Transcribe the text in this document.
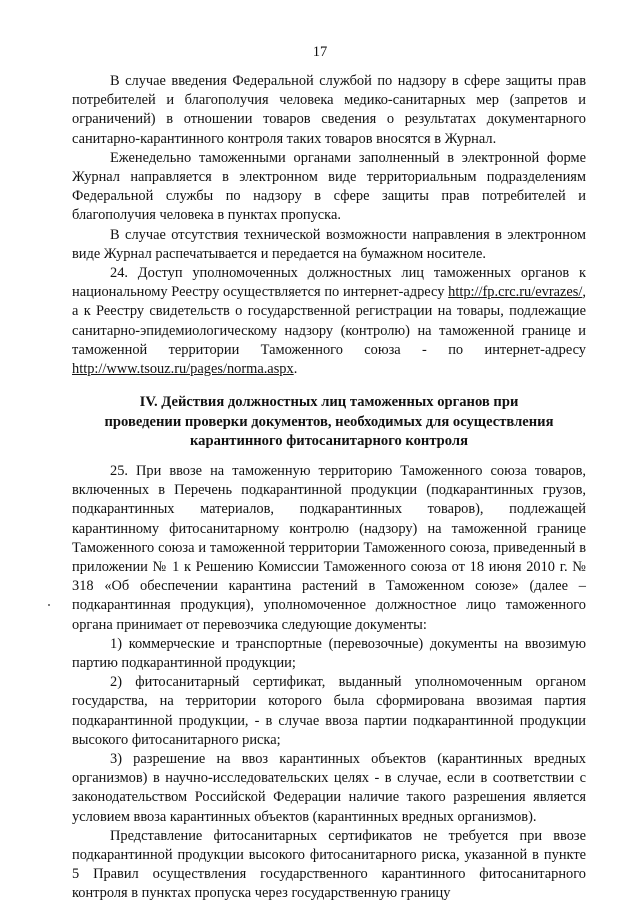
17

В случае введения Федеральной службой по надзору в сфере защиты прав потребителей и благополучия человека медико-санитарных мер (запретов и ограничений) в отношении товаров сведения о результатах документарного санитарно-карантинного контроля таких товаров вносятся в Журнал.

Еженедельно таможенными органами заполненный в электронной форме Журнал направляется в электронном виде территориальным подразделениям Федеральной службы по надзору в сфере защиты прав потребителей и благополучия человека в пунктах пропуска.

В случае отсутствия технической возможности направления в электронном виде Журнал распечатывается и передается на бумажном носителе.

24. Доступ уполномоченных должностных лиц таможенных органов к национальному Реестру осуществляется по интернет-адресу http://fp.crc.ru/evrazes/, а к Реестру свидетельств о государственной регистрации на товары, подлежащие санитарно-эпидемиологическому надзору (контролю) на таможенной границе и таможенной территории Таможенного союза - по интернет-адресу http://www.tsouz.ru/pages/norma.aspx.

IV. Действия должностных лиц таможенных органов при
проведении проверки документов, необходимых для осуществления
карантинного фитосанитарного контроля

25. При ввозе на таможенную территорию Таможенного союза товаров, включенных в Перечень подкарантинной продукции (подкарантинных грузов, подкарантинных материалов, подкарантинных товаров), подлежащей карантинному фитосанитарному контролю (надзору) на таможенной границе Таможенного союза и таможенной территории Таможенного союза, приведенный в приложении № 1 к Решению Комиссии Таможенного союза от 18 июня 2010 г. № 318 «Об обеспечении карантина растений в Таможенном союзе» (далее – подкарантинная продукция), уполномоченное должностное лицо таможенного органа принимает от перевозчика следующие документы:

1) коммерческие и транспортные (перевозочные) документы на ввозимую партию подкарантинной продукции;

2) фитосанитарный сертификат, выданный уполномоченным органом государства, на территории которого была сформирована ввозимая партия подкарантинной продукции, - в случае ввоза партии подкарантинной продукции высокого фитосанитарного риска;

3) разрешение на ввоз карантинных объектов (карантинных вредных организмов) в научно-исследовательских целях - в случае, если в соответствии с законодательством Российской Федерации наличие такого разрешения является условием ввоза карантинных объектов (карантинных вредных организмов).

Представление фитосанитарных сертификатов не требуется при ввозе подкарантинной продукции высокого фитосанитарного риска, указанной в пункте 5 Правил осуществления государственного карантинного фитосанитарного контроля в пунктах пропуска через государственную границу
